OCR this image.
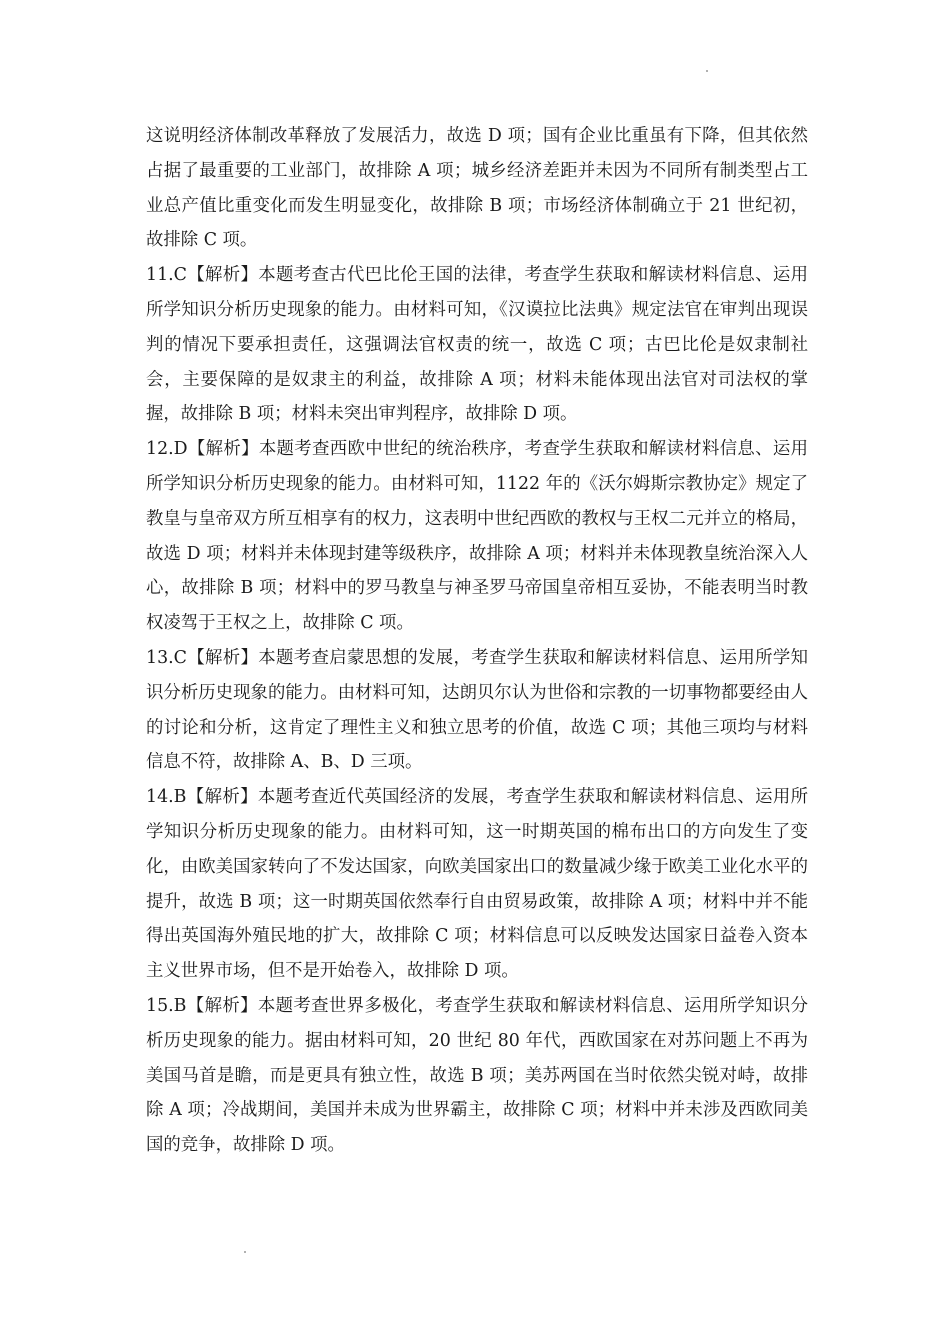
这说明经济体制改革释放了发展活力，故选 D 项；国有企业比重虽有下降，但其依然占据了最重要的工业部门，故排除 A 项；城乡经济差距并未因为不同所有制类型占工业总产值比重变化而发生明显变化，故排除 B 项；市场经济体制确立于 21 世纪初，故排除 C 项。

11.C【解析】本题考查古代巴比伦王国的法律，考查学生获取和解读材料信息、运用所学知识分析历史现象的能力。由材料可知，《汉谟拉比法典》规定法官在审判出现误判的情况下要承担责任，这强调法官权责的统一，故选 C 项；古巴比伦是奴隶制社会，主要保障的是奴隶主的利益，故排除 A 项；材料未能体现出法官对司法权的掌握，故排除 B 项；材料未突出审判程序，故排除 D 项。

12.D【解析】本题考查西欧中世纪的统治秩序，考查学生获取和解读材料信息、运用所学知识分析历史现象的能力。由材料可知，1122 年的《沃尔姆斯宗教协定》规定了教皇与皇帝双方所互相享有的权力，这表明中世纪西欧的教权与王权二元并立的格局，故选 D 项；材料并未体现封建等级秩序，故排除 A 项；材料并未体现教皇统治深入人心，故排除 B 项；材料中的罗马教皇与神圣罗马帝国皇帝相互妥协，不能表明当时教权凌驾于王权之上，故排除 C 项。

13.C【解析】本题考查启蒙思想的发展，考查学生获取和解读材料信息、运用所学知识分析历史现象的能力。由材料可知，达朗贝尔认为世俗和宗教的一切事物都要经由人的讨论和分析，这肯定了理性主义和独立思考的价值，故选 C 项；其他三项均与材料信息不符，故排除 A、B、D 三项。

14.B【解析】本题考查近代英国经济的发展，考查学生获取和解读材料信息、运用所学知识分析历史现象的能力。由材料可知，这一时期英国的棉布出口的方向发生了变化，由欧美国家转向了不发达国家，向欧美国家出口的数量减少缘于欧美工业化水平的提升，故选 B 项；这一时期英国依然奉行自由贸易政策，故排除 A 项；材料中并不能得出英国海外殖民地的扩大，故排除 C 项；材料信息可以反映发达国家日益卷入资本主义世界市场，但不是开始卷入，故排除 D 项。

15.B【解析】本题考查世界多极化，考查学生获取和解读材料信息、运用所学知识分析历史现象的能力。据由材料可知，20 世纪 80 年代，西欧国家在对苏问题上不再为美国马首是瞻，而是更具有独立性，故选 B 项；美苏两国在当时依然尖锐对峙，故排除 A 项；冷战期间，美国并未成为世界霸主，故排除 C 项；材料中并未涉及西欧同美国的竞争，故排除 D 项。
